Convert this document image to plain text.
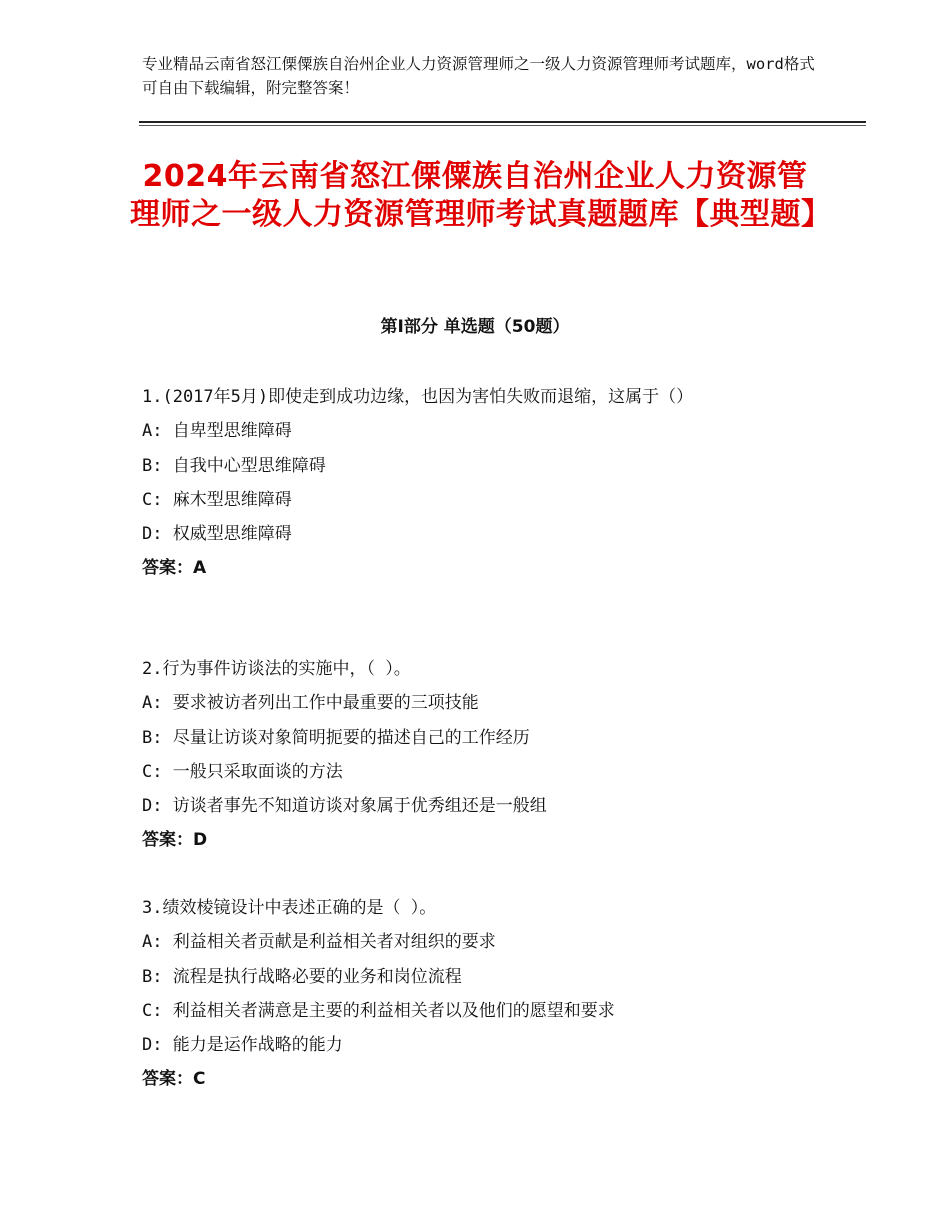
专业精品云南省怒江傈僳族自治州企业人力资源管理师之一级人力资源管理师考试题库，word格式可自由下载编辑，附完整答案！
2024年云南省怒江傈僳族自治州企业人力资源管理师之一级人力资源管理师考试真题题库【典型题】
第Ⅰ部分 单选题（50题）
1.(2017年5月)即使走到成功边缘，也因为害怕失败而退缩，这属于（）
A: 自卑型思维障碍
B: 自我中心型思维障碍
C: 麻木型思维障碍
D: 权威型思维障碍
答案：A
2.行为事件访谈法的实施中，（ ）。
A: 要求被访者列出工作中最重要的三项技能
B: 尽量让访谈对象简明扼要的描述自己的工作经历
C: 一般只采取面谈的方法
D: 访谈者事先不知道访谈对象属于优秀组还是一般组
答案：D
3.绩效棱镜设计中表述正确的是（ ）。
A: 利益相关者贡献是利益相关者对组织的要求
B: 流程是执行战略必要的业务和岗位流程
C: 利益相关者满意是主要的利益相关者以及他们的愿望和要求
D: 能力是运作战略的能力
答案：C
